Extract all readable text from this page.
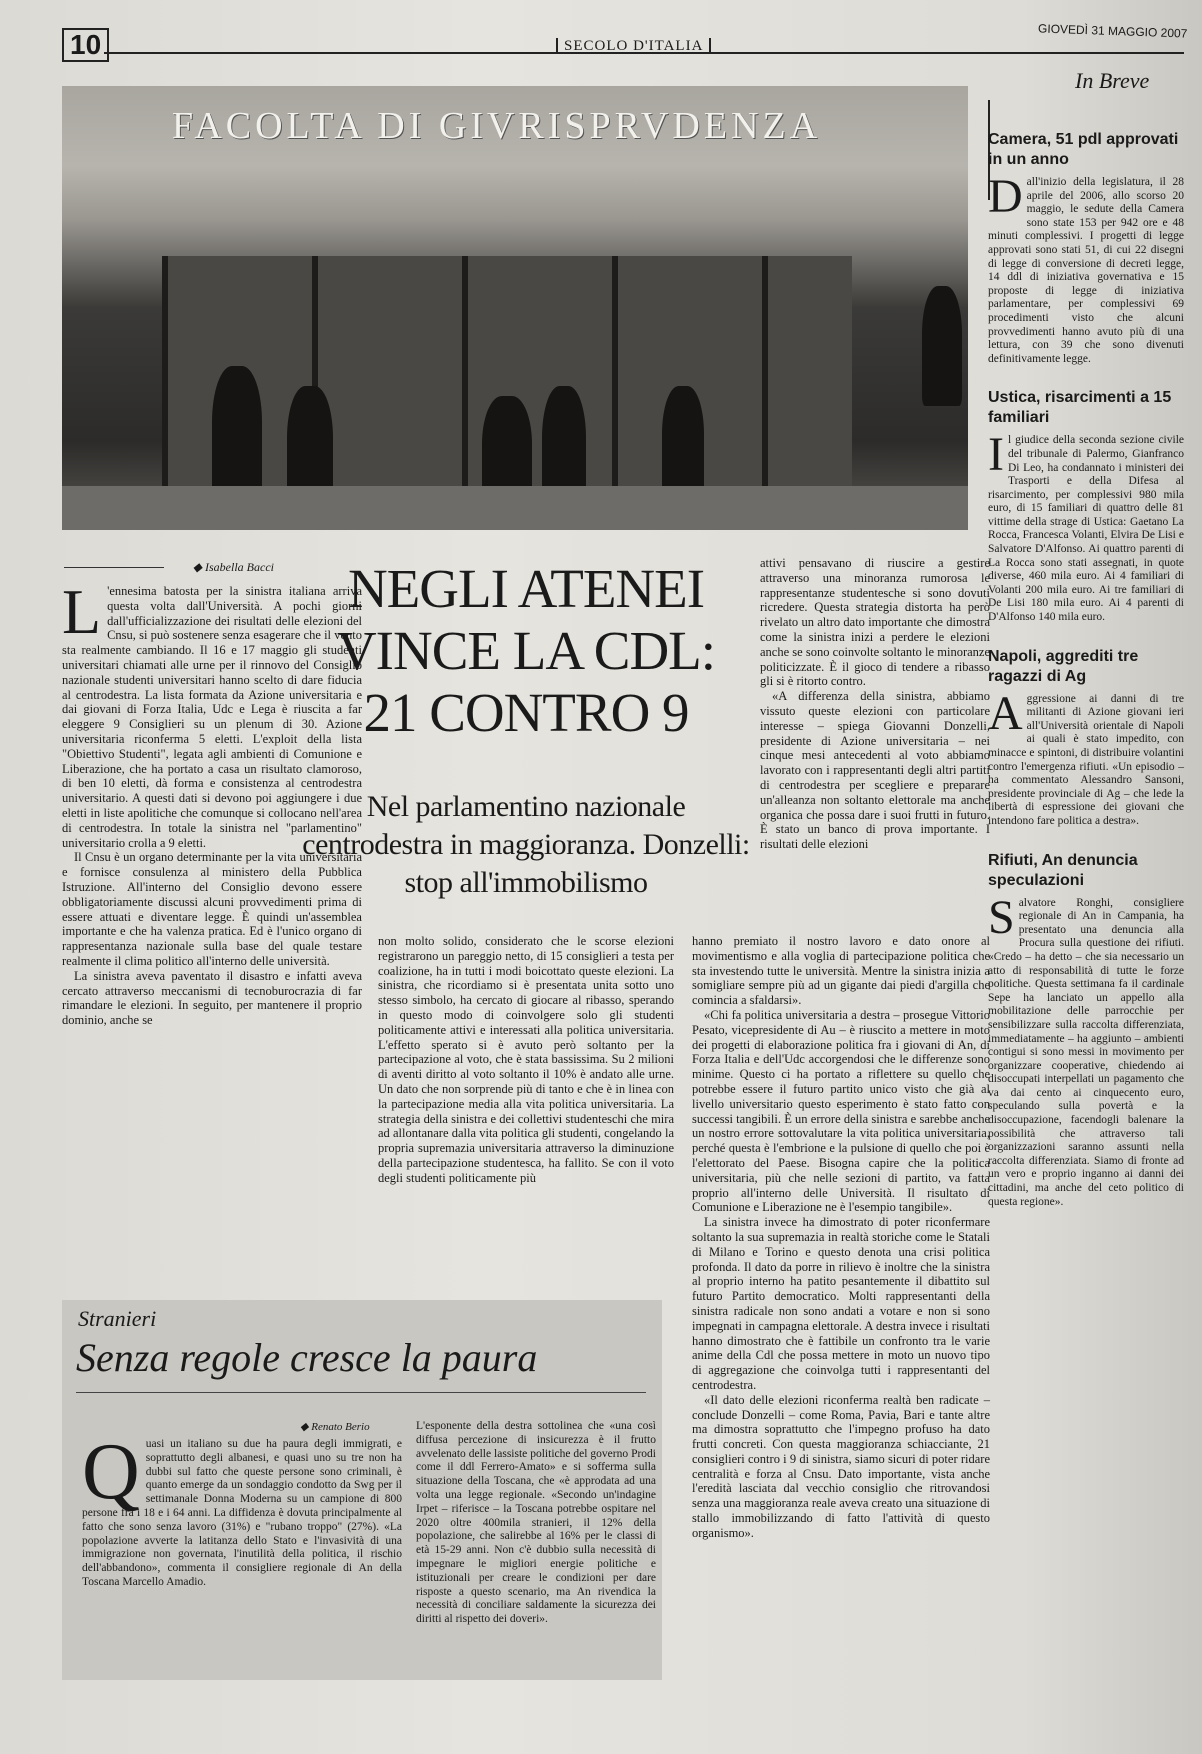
10	SECOLO D'ITALIA
GIOVEDÌ 31 MAGGIO 2007
FACOLTA DI GIVRISPRVDENZA
◆ Isabella Bacci	NEGLI ATENEI
VINCE LA CDL:
21 CONTRO 9
Nel parlamentino nazionale centrodestra in maggioranza. Donzelli: stop all'immobilismo

L 'ennesima batosta per la sinistra italiana arriva questa volta dall'Università. A pochi giorni dall'ufficializzazione dei risultati delle elezioni del Cnsu, si può sostenere senza esagerare che il vento sta realmente cambiando. Il 16 e 17 maggio gli studenti universitari chiamati alle urne per il rinnovo del Consiglio nazionale studenti universitari hanno scelto di dare fiducia al centrodestra. La lista formata da Azione universitaria e dai giovani di Forza Italia, Udc e Lega è riuscita a far eleggere 9 Consiglieri su un plenum di 30. Azione universitaria riconferma 5 eletti. L'exploit della lista "Obiettivo Studenti", legata agli ambienti di Comunione e Liberazione, che ha portato a casa un risultato clamoroso, di ben 10 eletti, dà forma e consistenza al centrodestra universitario. A questi dati si devono poi aggiungere i due eletti in liste apolitiche che comunque si collocano nell'area di centrodestra. In totale la sinistra nel "parlamentino" universitario crolla a 9 eletti.

Il Cnsu è un organo determinante per la vita universitaria e fornisce consulenza al ministero della Pubblica Istruzione. All'interno del Consiglio devono essere obbligatoriamente discussi alcuni provvedimenti prima di essere attuati e diventare legge. È quindi un'assemblea importante e che ha valenza pratica. Ed è l'unico organo di rappresentanza nazionale sulla base del quale testare realmente il clima politico all'interno delle università.

La sinistra aveva paventato il disastro e infatti aveva cercato attraverso meccanismi di tecnoburocrazia di far rimandare le elezioni. In seguito, per mantenere il proprio dominio, anche se

non molto solido, considerato che le scorse elezioni registrarono un pareggio netto, di 15 consiglieri a testa per coalizione, ha in tutti i modi boicottato queste elezioni. La sinistra, che ricordiamo si è presentata unita sotto uno stesso simbolo, ha cercato di giocare al ribasso, sperando in questo modo di coinvolgere solo gli studenti politicamente attivi e interessati alla politica universitaria. L'effetto sperato si è avuto però soltanto per la partecipazione al voto, che è stata bassissima. Su 2 milioni di aventi diritto al voto soltanto il 10% è andato alle urne. Un dato che non sorprende più di tanto e che è in linea con la partecipazione media alla vita politica universitaria. La strategia della sinistra e dei collettivi studenteschi che mira ad allontanare dalla vita politica gli studenti, congelando la propria supremazia universitaria attraverso la diminuzione della partecipazione studentesca, ha fallito. Se con il voto degli studenti politicamente più

attivi pensavano di riuscire a gestire attraverso una minoranza rumorosa le rappresentanze studentesche si sono dovuti ricredere. Questa strategia distorta ha però rivelato un altro dato importante che dimostra come la sinistra inizi a perdere le elezioni anche se sono coinvolte soltanto le minoranze politicizzate. È il gioco di tendere a ribasso gli si è ritorto contro.

«A differenza della sinistra, abbiamo vissuto queste elezioni con particolare interesse – spiega Giovanni Donzelli, presidente di Azione universitaria – nei cinque mesi antecedenti al voto abbiamo lavorato con i rappresentanti degli altri partiti di centrodestra per scegliere e preparare un'alleanza non soltanto elettorale ma anche organica che possa dare i suoi frutti in futuro. È stato un banco di prova importante. I risultati delle elezioni

hanno premiato il nostro lavoro e dato onore al movimentismo e alla voglia di partecipazione politica che sta investendo tutte le università. Mentre la sinistra inizia a somigliare sempre più ad un gigante dai piedi d'argilla che comincia a sfaldarsi».

«Chi fa politica universitaria a destra – prosegue Vittorio Pesato, vicepresidente di Au – è riuscito a mettere in moto dei progetti di elaborazione politica fra i giovani di An, di Forza Italia e dell'Udc accorgendosi che le differenze sono minime. Questo ci ha portato a riflettere su quello che potrebbe essere il futuro partito unico visto che già al livello universitario questo esperimento è stato fatto con successi tangibili. È un errore della sinistra e sarebbe anche un nostro errore sottovalutare la vita politica universitaria, perché questa è l'embrione e la pulsione di quello che poi è l'elettorato del Paese. Bisogna capire che la politica universitaria, più che nelle sezioni di partito, va fatta proprio all'interno delle Università. Il risultato di Comunione e Liberazione ne è l'esempio tangibile».

La sinistra invece ha dimostrato di poter riconfermare soltanto la sua supremazia in realtà storiche come le Statali di Milano e Torino e questo denota una crisi politica profonda. Il dato da porre in rilievo è inoltre che la sinistra al proprio interno ha patito pesantemente il dibattito sul futuro Partito democratico. Molti rappresentanti della sinistra radicale non sono andati a votare e non si sono impegnati in campagna elettorale. A destra invece i risultati hanno dimostrato che è fattibile un confronto tra le varie anime della Cdl che possa mettere in moto un nuovo tipo di aggregazione che coinvolga tutti i rappresentanti del centrodestra.

«Il dato delle elezioni riconferma realtà ben radicate – conclude Donzelli – come Roma, Pavia, Bari e tante altre ma dimostra soprattutto che l'impegno profuso ha dato frutti concreti. Con questa maggioranza schiacciante, 21 consiglieri contro i 9 di sinistra, siamo sicuri di poter ridare centralità e forza al Cnsu. Dato importante, vista anche l'eredità lasciata dal vecchio consiglio che ritrovandosi senza una maggioranza reale aveva creato una situazione di stallo immobilizzando di fatto l'attività di questo organismo».

In Breve
Camera, 51 pdl approvati in un anno

Dall'inizio della legislatura, il 28 aprile del 2006, allo scorso 20 maggio, le sedute della Camera sono state 153 per 942 ore e 48 minuti complessivi. I progetti di legge approvati sono stati 51, di cui 22 disegni di legge di conversione di decreti legge, 14 ddl di iniziativa governativa e 15 proposte di legge di iniziativa parlamentare, per complessivi 69 procedimenti visto che alcuni provvedimenti hanno avuto più di una lettura, con 39 che sono divenuti definitivamente legge.

Ustica, risarcimenti a 15 familiari

Il giudice della seconda sezione civile del tribunale di Palermo, Gianfranco Di Leo, ha condannato i ministeri dei Trasporti e della Difesa al risarcimento, per complessivi 980 mila euro, di 15 familiari di quattro delle 81 vittime della strage di Ustica: Gaetano La Rocca, Francesca Volanti, Elvira De Lisi e Salvatore D'Alfonso. Ai quattro parenti di La Rocca sono stati assegnati, in quote diverse, 460 mila euro. Ai 4 familiari di Volanti 200 mila euro. Ai tre familiari di De Lisi 180 mila euro. Ai 4 parenti di D'Alfonso 140 mila euro.

Napoli, aggrediti tre ragazzi di Ag

Aggressione ai danni di tre militanti di Azione giovani ieri all'Università orientale di Napoli ai quali è stato impedito, con minacce e spintoni, di distribuire volantini contro l'emergenza rifiuti. «Un episodio – ha commentato Alessandro Sansoni, presidente provinciale di Ag – che lede la libertà di espressione dei giovani che intendono fare politica a destra».

Rifiuti, An denuncia speculazioni

Salvatore Ronghi, consigliere regionale di An in Campania, ha presentato una denuncia alla Procura sulla questione dei rifiuti. «Credo – ha detto – che sia necessario un atto di responsabilità di tutte le forze politiche. Questa settimana fa il cardinale Sepe ha lanciato un appello alla mobilitazione delle parrocchie per sensibilizzare sulla raccolta differenziata, immediatamente – ha aggiunto – ambienti contigui si sono messi in movimento per organizzare cooperative, chiedendo ai disoccupati interpellati un pagamento che va dai cento ai cinquecento euro, speculando sulla povertà e la disoccupazione, facendogli balenare la possibilità che attraverso tali organizzazioni saranno assunti nella raccolta differenziata. Siamo di fronte ad un vero e proprio inganno ai danni dei cittadini, ma anche del ceto politico di questa regione».

Stranieri
Senza regole cresce la paura
◆ Renato Berio
Quasi un italiano su due ha paura degli immigrati, e soprattutto degli albanesi, e quasi uno su tre non ha dubbi sul fatto che queste persone sono criminali, è quanto emerge da un sondaggio condotto da Swg per il settimanale Donna Moderna su un campione di 800 persone fra i 18 e i 64 anni. La diffidenza è dovuta principalmente al fatto che sono senza lavoro (31%) e "rubano troppo" (27%). «La popolazione avverte la latitanza dello Stato e l'invasività di una immigrazione non governata, l'inutilità della politica, il rischio dell'abbandono», commenta il consigliere regionale di An della Toscana Marcello Amadio.
L'esponente della destra sottolinea che «una così diffusa percezione di insicurezza è il frutto avvelenato delle lassiste politiche del governo Prodi come il ddl Ferrero-Amato» e si sofferma sulla situazione della Toscana, che «è approdata ad una volta una legge regionale. «Secondo un'indagine Irpet – riferisce – la Toscana potrebbe ospitare nel 2020 oltre 400mila stranieri, il 12% della popolazione, che salirebbe al 16% per le classi di età 15-29 anni. Non c'è dubbio sulla necessità di impegnare le migliori energie politiche e istituzionali per creare le condizioni per dare risposte a questo scenario, ma An rivendica la necessità di conciliare saldamente la sicurezza dei diritti al rispetto dei doveri».
